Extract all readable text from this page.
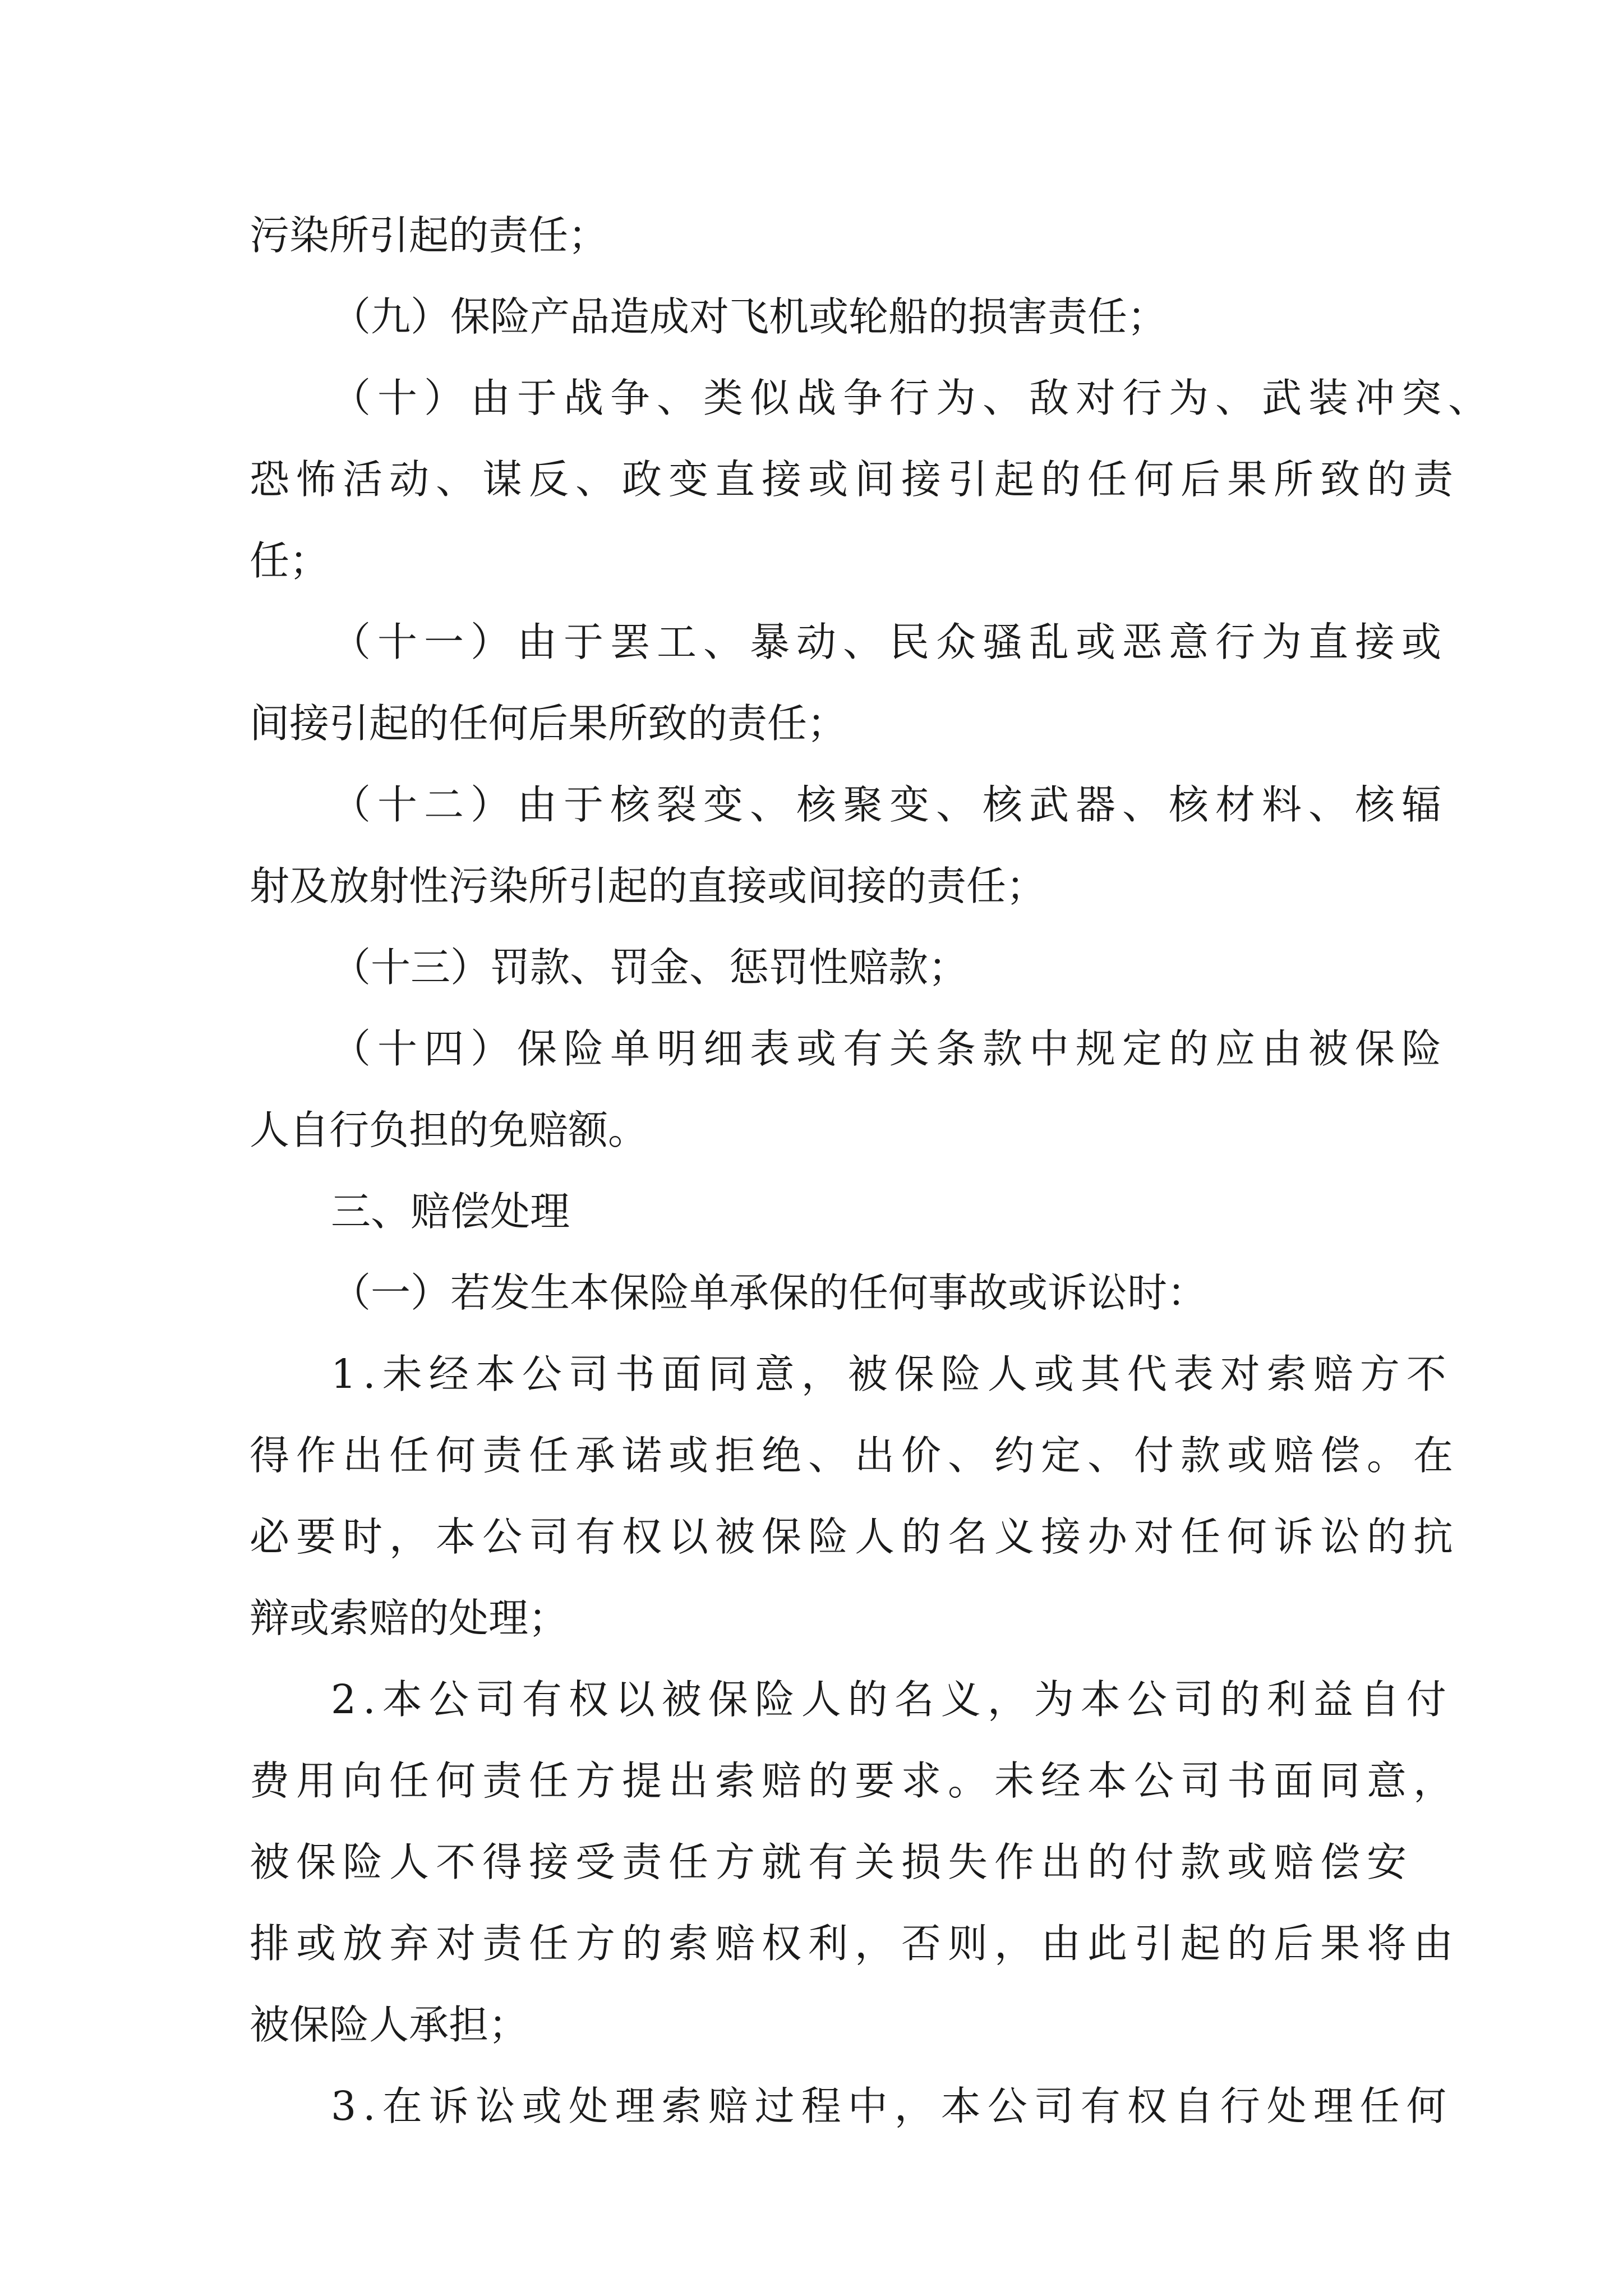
污染所引起的责任；

（九）保险产品造成对飞机或轮船的损害责任；

（十）由于战争、类似战争行为、敌对行为、武装冲突、

恐怖活动、谋反、政变直接或间接引起的任何后果所致的责

任；

（十一）由于罢工、暴动、民众骚乱或恶意行为直接或

间接引起的任何后果所致的责任；

（十二）由于核裂变、核聚变、核武器、核材料、核辐

射及放射性污染所引起的直接或间接的责任；

（十三）罚款、罚金、惩罚性赔款；

（十四）保险单明细表或有关条款中规定的应由被保险

人自行负担的免赔额。

三、赔偿处理

（一）若发生本保险单承保的任何事故或诉讼时：

1.未经本公司书面同意，被保险人或其代表对索赔方不

得作出任何责任承诺或拒绝、出价、约定、付款或赔偿。在

必要时，本公司有权以被保险人的名义接办对任何诉讼的抗

辩或索赔的处理；

2.本公司有权以被保险人的名义，为本公司的利益自付

费用向任何责任方提出索赔的要求。未经本公司书面同意，

被保险人不得接受责任方就有关损失作出的付款或赔偿安

排或放弃对责任方的索赔权利，否则，由此引起的后果将由

被保险人承担；

3.在诉讼或处理索赔过程中，本公司有权自行处理任何
